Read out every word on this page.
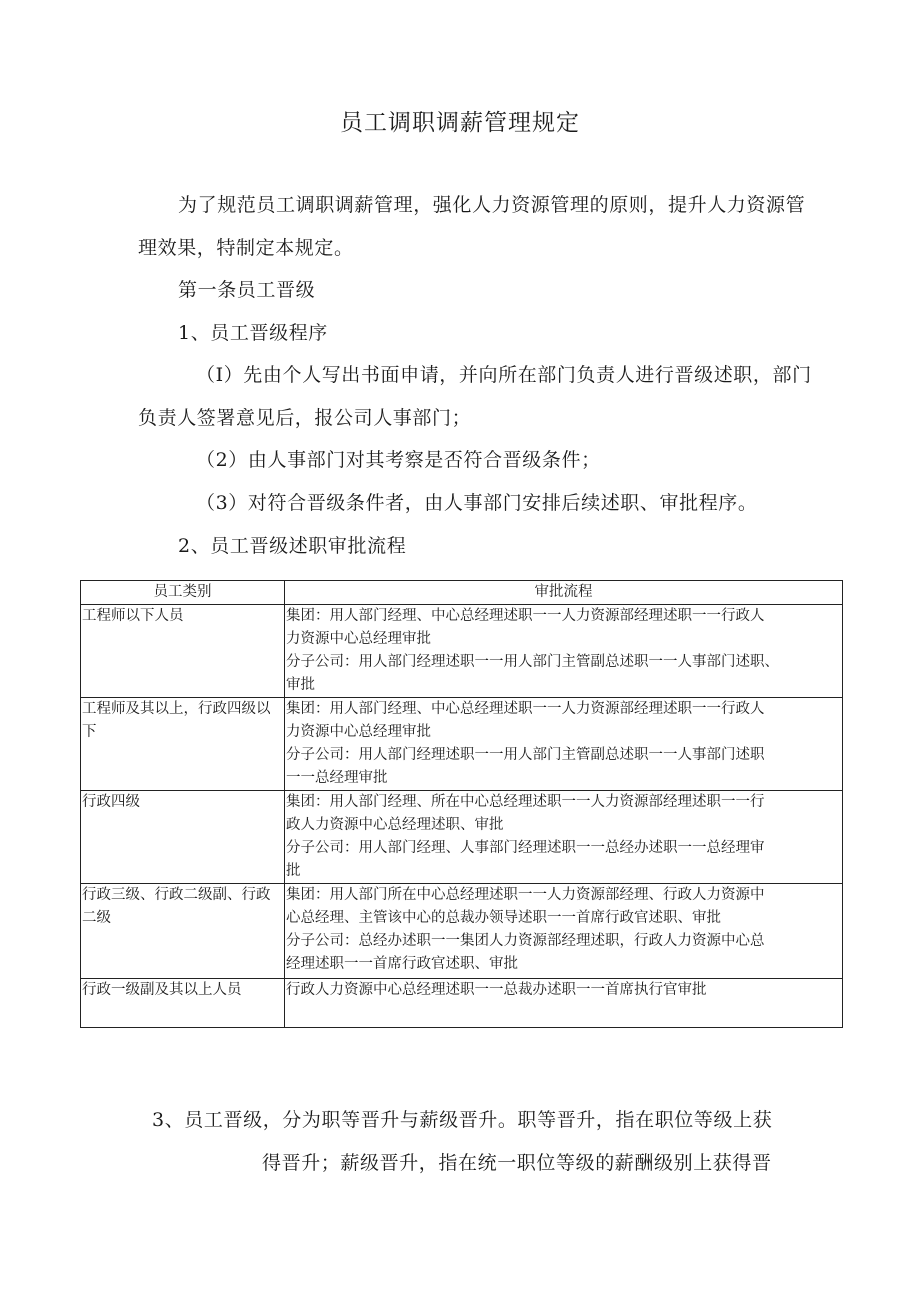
员工调职调薪管理规定
为了规范员工调职调薪管理，强化人力资源管理的原则，提升人力资源管
理效果，特制定本规定。
第一条员工晋级
1、员工晋级程序
（I）先由个人写出书面申请，并向所在部门负责人进行晋级述职，部门
负责人签署意见后，报公司人事部门；
（2）由人事部门对其考察是否符合晋级条件；
（3）对符合晋级条件者，由人事部门安排后续述职、审批程序。
2、员工晋级述职审批流程
员工类别	审批流程
工程师以下人员	集团：用人部门经理、中心总经理述职一一人力资源部经理述职一一行政人
力资源中心总经理审批
分子公司：用人部门经理述职一一用人部门主管副总述职一一人事部门述职、
审批

工程师及其以上，行政四级以下	集团：用人部门经理、中心总经理述职一一人力资源部经理述职一一行政人
力资源中心总经理审批
分子公司：用人部门经理述职一一用人部门主管副总述职一一人事部门述职
一一总经理审批

行政四级	集团：用人部门经理、所在中心总经理述职一一人力资源部经理述职一一行
政人力资源中心总经理述职、审批
分子公司：用人部门经理、人事部门经理述职一一总经办述职一一总经理审
批

行政三级、行政二级副、行政二级	集团：用人部门所在中心总经理述职一一人力资源部经理、行政人力资源中
心总经理、主管该中心的总裁办领导述职一一首席行政官述职、审批
分子公司：总经办述职一一集团人力资源部经理述职，行政人力资源中心总
经理述职一一首席行政官述职、审批

行政一级副及其以上人员	行政人力资源中心总经理述职一一总裁办述职一一首席执行官审批
3、员工晋级，分为职等晋升与薪级晋升。职等晋升，指在职位等级上获
得晋升；薪级晋升，指在统一职位等级的薪酬级别上获得晋
